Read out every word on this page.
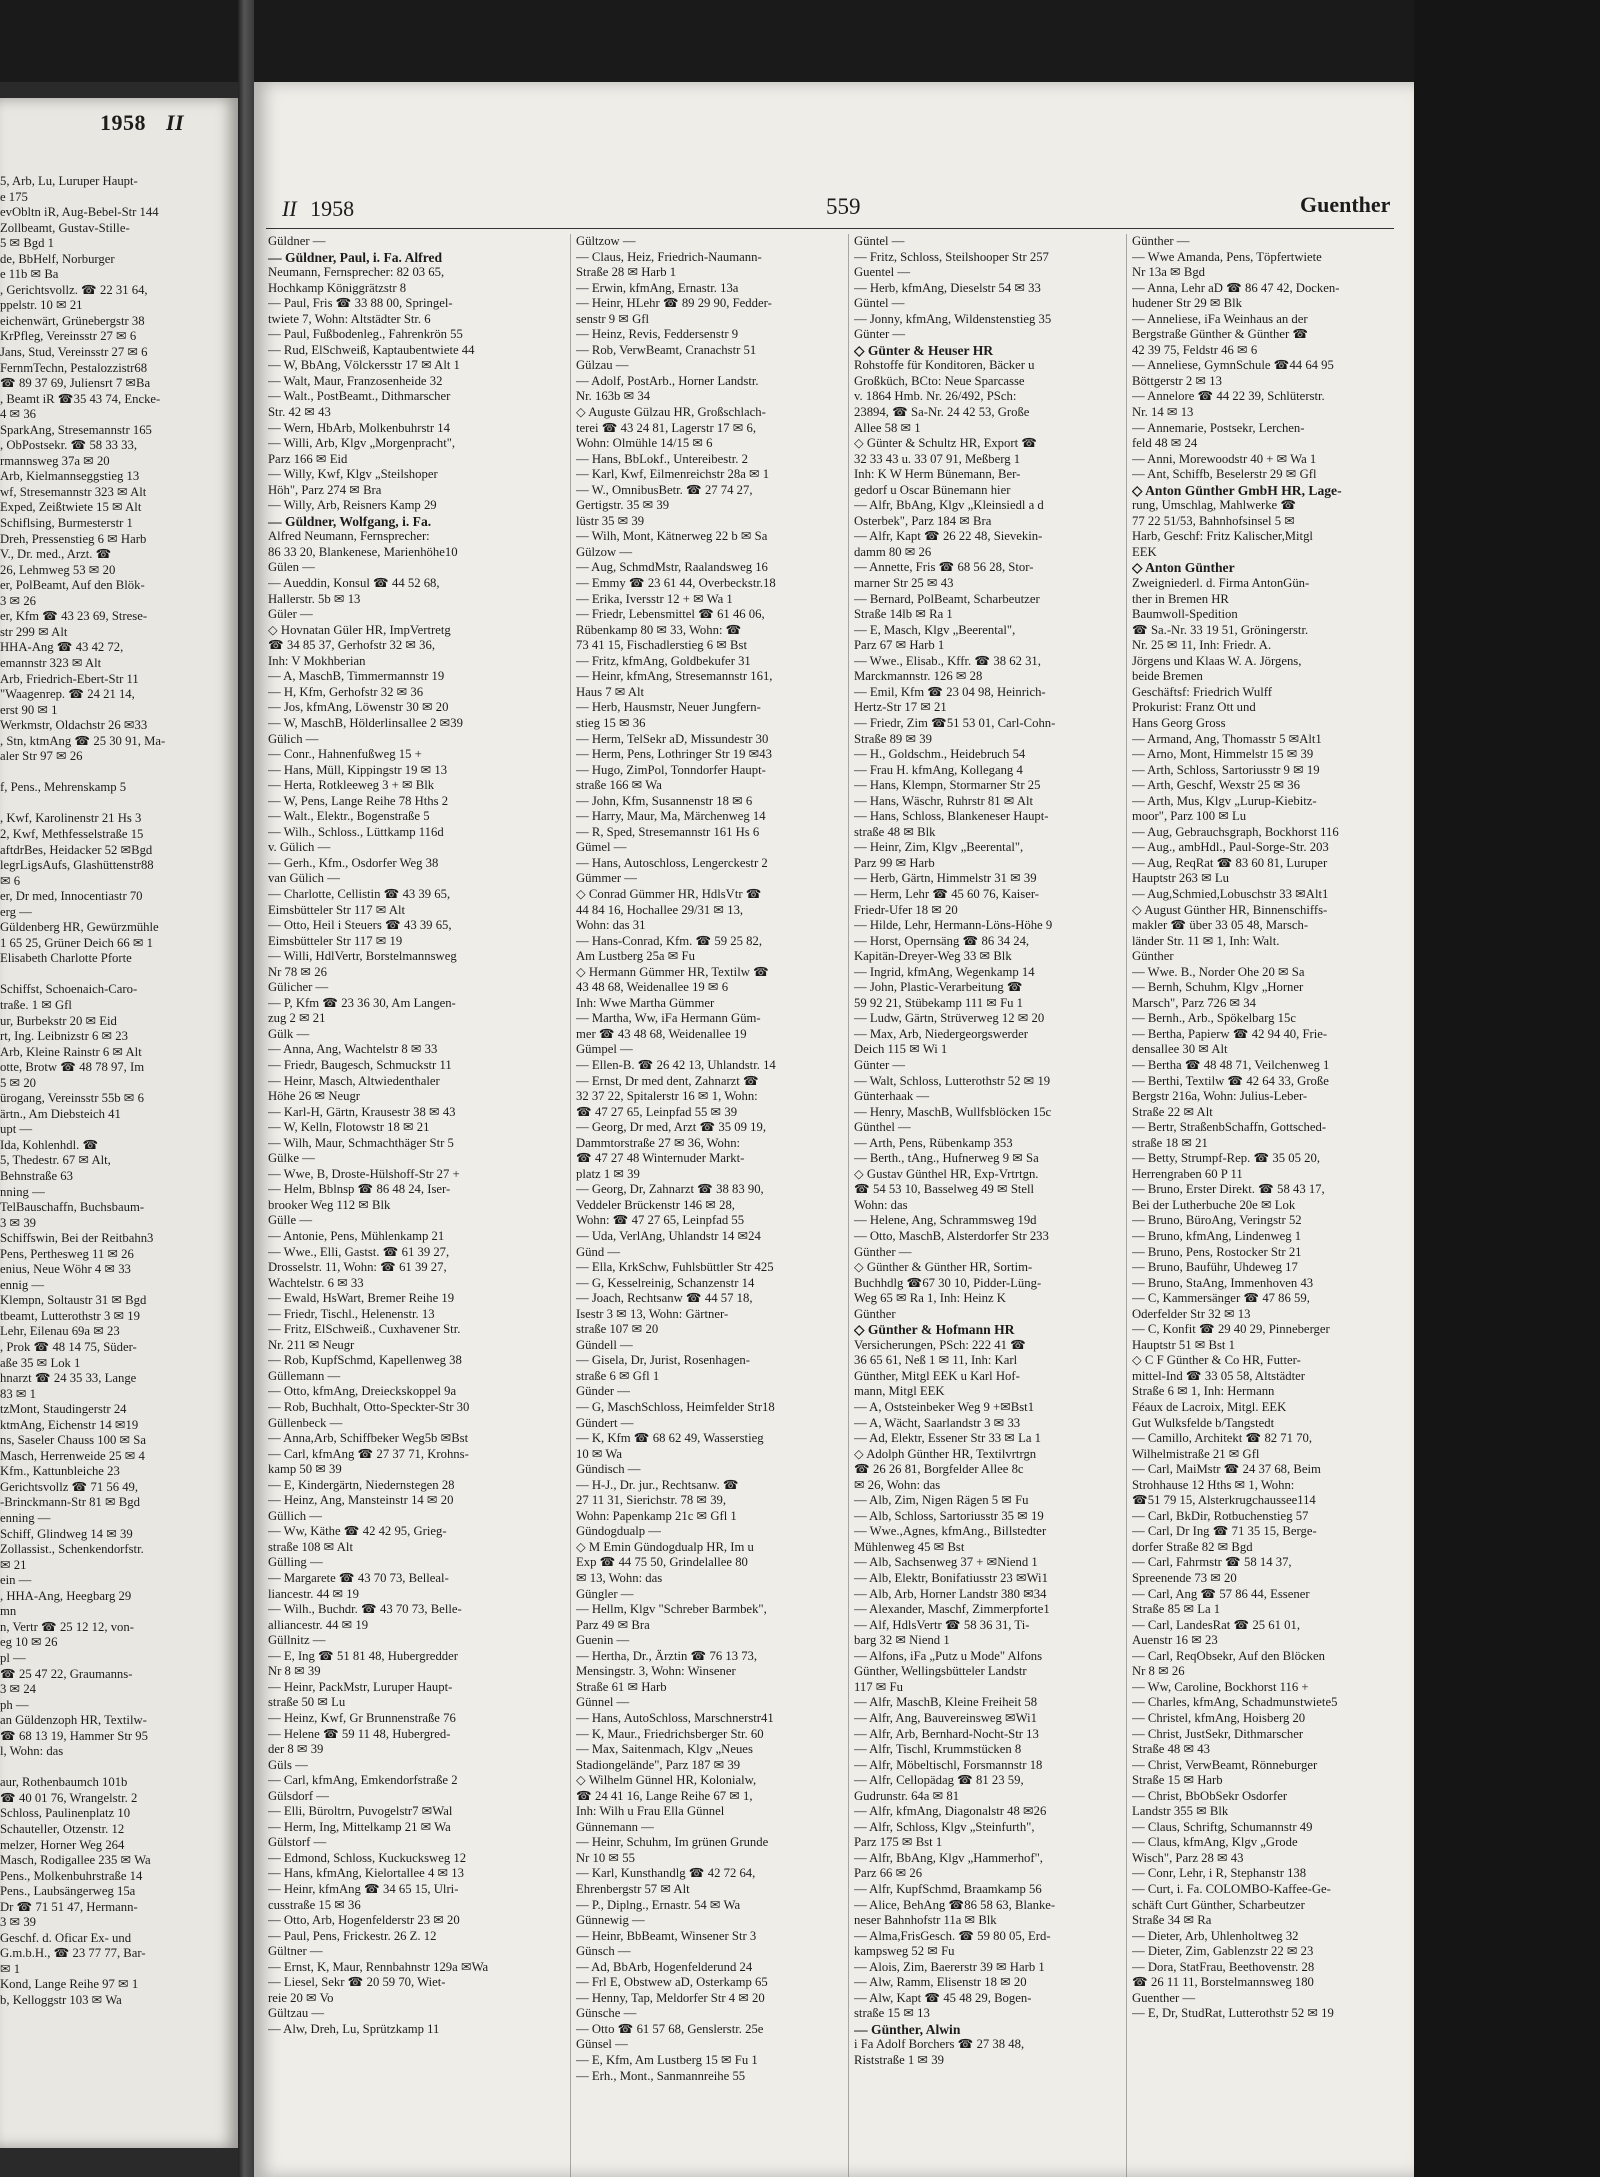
1958 II
5, Arb, Lu, Luruper Haupt-
e 175
evObltn iR, Aug-Bebel-Str 144
Zollbeamt, Gustav-Stille-
5 ✉ Bgd 1
de, BbHelf, Norburger
e 11b ✉ Ba
, Gerichtsvollz. ☎ 22 31 64,
ppelstr. 10 ✉ 21
eichenwärt, Grünebergstr 38
KrPfleg, Vereinsstr 27 ✉ 6
Jans, Stud, Vereinsstr 27 ✉ 6
FernmTechn, Pestalozzistr68
☎ 89 37 69, Juliensrt 7 ✉Ba
, Beamt iR ☎35 43 74, Encke-
4 ✉ 36
SparkAng, Stresemannstr 165
, ObPostsekr. ☎ 58 33 33,
rmannsweg 37a ✉ 20
Arb, Kielmannseggstieg 13
wf, Stresemannstr 323 ✉ Alt
Exped, Zeißtwiete 15 ✉ Alt
Schiflsing, Burmesterstr 1
Dreh, Pressenstieg 6 ✉ Harb
V., Dr. med., Arzt. ☎
26, Lehmweg 53 ✉ 20
er, PolBeamt, Auf den Blök-
3 ✉ 26
er, Kfm ☎ 43 23 69, Strese-
str 299 ✉ Alt
HHA-Ang ☎ 43 42 72,
emannstr 323 ✉ Alt
Arb, Friedrich-Ebert-Str 11
"Waagenrep. ☎ 24 21 14,
erst 90 ✉ 1
Werkmstr, Oldachstr 26 ✉33
, Stn, ktmAng ☎ 25 30 91, Ma-
aler Str 97 ✉ 26

f, Pens., Mehrenskamp 5

, Kwf, Karolinenstr 21 Hs 3
2, Kwf, Methfesselstraße 15
aftdrBes, Heidacker 52 ✉Bgd
legrLigsAufs, Glashüttenstr88
✉ 6
er, Dr med, Innocentiastr 70
erg —
Güldenberg HR, Gewürzmühle
1 65 25, Grüner Deich 66 ✉ 1
Elisabeth Charlotte Pforte

Schiffst, Schoenaich-Caro-
traße. 1 ✉ Gfl
ur, Burbekstr 20 ✉ Eid
rt, Ing. Leibnizstr 6 ✉ 23
Arb, Kleine Rainstr 6 ✉ Alt
otte, Brotw ☎ 48 78 97, Im
5 ✉ 20
ürogang, Vereinsstr 55b ✉ 6
ärtn., Am Diebsteich 41
upt —
Ida, Kohlenhdl. ☎
5, Thedestr. 67 ✉ Alt,
Behnstraße 63
nning —
TelBauschaffn, Buchsbaum-
3 ✉ 39
Schiffswin, Bei der Reitbahn3
Pens, Perthesweg 11 ✉ 26
enius, Neue Wöhr 4 ✉ 33
ennig —
Klempn, Soltaustr 31 ✉ Bgd
tbeamt, Lutterothstr 3 ✉ 19
Lehr, Eilenau 69a ✉ 23
, Prok ☎ 48 14 75, Süder-
aße 35 ✉ Lok 1
hnarzt ☎ 24 35 33, Lange
83 ✉ 1
tzMont, Staudingerstr 24
ktmAng, Eichenstr 14 ✉19
ns, Saseler Chauss 100 ✉ Sa
Masch, Herrenweide 25 ✉ 4
Kfm., Kattunbleiche 23
Gerichtsvollz ☎ 71 56 49,
-Brinckmann-Str 81 ✉ Bgd
enning —
Schiff, Glindweg 14 ✉ 39
Zollassist., Schenkendorfstr.
✉ 21
ein —
, HHA-Ang, Heegbarg 29
mn
n, Vertr ☎ 25 12 12, von-
eg 10 ✉ 26
pl —
☎ 25 47 22, Graumanns-
3 ✉ 24
ph —
an Güldenzoph HR, Textilw-
☎ 68 13 19, Hammer Str 95
l, Wohn: das

aur, Rothenbaumch 101b
☎ 40 01 76, Wrangelstr. 2
Schloss, Paulinenplatz 10
Schauteller, Otzenstr. 12
melzer, Horner Weg 264
Masch, Rodigallee 235 ✉ Wa
Pens., Molkenbuhrstraße 14
Pens., Laubsängerweg 15a
Dr ☎ 71 51 47, Hermann-
3 ✉ 39
Geschf. d. Oficar Ex- und
G.m.b.H., ☎ 23 77 77, Bar-
✉ 1
Kond, Lange Reihe 97 ✉ 1
b, Kelloggstr 103 ✉ Wa
II 1958	559	Guenther
Güldner —
— Güldner, Paul, i. Fa. Alfred
Neumann, Fernsprecher: 82 03 65,
Hochkamp Königgrätzstr 8
— Paul, Fris ☎ 33 88 00, Springel-
twiete 7, Wohn: Altstädter Str. 6
— Paul, Fußbodenleg., Fahrenkrön 55
— Rud, ElSchweiß, Kaptaubentwiete 44
— W, BbAng, Völckersstr 17 ✉ Alt 1
— Walt, Maur, Franzosenheide 32
— Walt., PostBeamt., Dithmarscher
Str. 42 ✉ 43
— Wern, HbArb, Molkenbuhrstr 14
— Willi, Arb, Klgv „Morgenpracht",
Parz 166 ✉ Eid
— Willy, Kwf, Klgv „Steilshoper
Höh", Parz 274 ✉ Bra
— Willy, Arb, Reisners Kamp 29
— Güldner, Wolfgang, i. Fa.
Alfred Neumann, Fernsprecher:
86 33 20, Blankenese, Marienhöhe10
Gülen —
— Aueddin, Konsul ☎ 44 52 68,
Hallerstr. 5b ✉ 13
Güler —
◇ Hovnatan Güler HR, ImpVertretg
☎ 34 85 37, Gerhofstr 32 ✉ 36,
Inh: V Mokhberian
— A, MaschB, Timmermannstr 19
— H, Kfm, Gerhofstr 32 ✉ 36
— Jos, kfmAng, Löwenstr 30 ✉ 20
— W, MaschB, Hölderlinsallee 2 ✉39
Gülich —
— Conr., Hahnenfußweg 15 +
— Hans, Müll, Kippingstr 19 ✉ 13
— Herta, Rotkleeweg 3 + ✉ Blk
— W, Pens, Lange Reihe 78 Hths 2
— Walt., Elektr., Bogenstraße 5
— Wilh., Schloss., Lüttkamp 116d
v. Gülich —
— Gerh., Kfm., Osdorfer Weg 38
van Gülich —
— Charlotte, Cellistin ☎ 43 39 65,
Eimsbütteler Str 117 ✉ Alt
— Otto, Heil i Steuers ☎ 43 39 65,
Eimsbütteler Str 117 ✉ 19
— Willi, HdlVertr, Borstelmannsweg
Nr 78 ✉ 26
Gülicher —
— P, Kfm ☎ 23 36 30, Am Langen-
zug 2 ✉ 21
Gülk —
— Anna, Ang, Wachtelstr 8 ✉ 33
— Friedr, Baugesch, Schmuckstr 11
— Heinr, Masch, Altwiedenthaler
Höhe 26 ✉ Neugr
— Karl-H, Gärtn, Krausestr 38 ✉ 43
— W, Kelln, Flotowstr 18 ✉ 21
— Wilh, Maur, Schmachthäger Str 5
Gülke —
— Wwe, B, Droste-Hülshoff-Str 27 +
— Helm, Bblnsp ☎ 86 48 24, Iser-
brooker Weg 112 ✉ Blk
Gülle —
— Antonie, Pens, Mühlenkamp 21
— Wwe., Elli, Gastst. ☎ 61 39 27,
Drosselstr. 11, Wohn: ☎ 61 39 27,
Wachtelstr. 6 ✉ 33
— Ewald, HsWart, Bremer Reihe 19
— Friedr, Tischl., Helenenstr. 13
— Fritz, ElSchweiß., Cuxhavener Str.
Nr. 211 ✉ Neugr
— Rob, KupfSchmd, Kapellenweg 38
Güllemann —
— Otto, kfmAng, Dreieckskoppel 9a
— Rob, Buchhalt, Otto-Speckter-Str 30
Güllenbeck —
— Anna,Arb, Schiffbeker Weg5b ✉Bst
— Carl, kfmAng ☎ 27 37 71, Krohns-
kamp 50 ✉ 39
— E, Kindergärtn, Niedernstegen 28
— Heinz, Ang, Mansteinstr 14 ✉ 20
Güllich —
— Ww, Käthe ☎ 42 42 95, Grieg-
straße 108 ✉ Alt
Gülling —
— Margarete ☎ 43 70 73, Belleal-
liancestr. 44 ✉ 19
— Wilh., Buchdr. ☎ 43 70 73, Belle-
alliancestr. 44 ✉ 19
Güllnitz —
— E, Ing ☎ 51 81 48, Hubergredder
Nr 8 ✉ 39
— Heinr, PackMstr, Luruper Haupt-
straße 50 ✉ Lu
— Heinz, Kwf, Gr Brunnenstraße 76
— Helene ☎ 59 11 48, Hubergred-
der 8 ✉ 39
Güls —
— Carl, kfmAng, Emkendorfstraße 2
Gülsdorf —
— Elli, Büroltrn, Puvogelstr7 ✉Wal
— Herm, Ing, Mittelkamp 21 ✉ Wa
Gülstorf —
— Edmond, Schloss, Kuckucksweg 12
— Hans, kfmAng, Kielortallee 4 ✉ 13
— Heinr, kfmAng ☎ 34 65 15, Ulri-
cusstraße 15 ✉ 36
— Otto, Arb, Hogenfelderstr 23 ✉ 20
— Paul, Pens, Frickestr. 26 Z. 12
Gültner —
— Ernst, K, Maur, Rennbahnstr 129a ✉Wa
— Liesel, Sekr ☎ 20 59 70, Wiet-
reie 20 ✉ Vo
Gültzau —
— Alw, Dreh, Lu, Sprützkamp 11
Gültzow —
— Claus, Heiz, Friedrich-Naumann-
Straße 28 ✉ Harb 1
— Erwin, kfmAng, Ernastr. 13a
— Heinr, HLehr ☎ 89 29 90, Fedder-
senstr 9 ✉ Gfl
— Heinz, Revis, Feddersenstr 9
— Rob, VerwBeamt, Cranachstr 51
Gülzau —
— Adolf, PostArb., Horner Landstr.
Nr. 163b ✉ 34
◇ Auguste Gülzau HR, Großschlach-
terei ☎ 43 24 81, Lagerstr 17 ✉ 6,
Wohn: Olmühle 14/15 ✉ 6
— Hans, BbLokf., Untereibestr. 2
— Karl, Kwf, Eilmenreichstr 28a ✉ 1
— W., OmnibusBetr. ☎ 27 74 27,
Gertigstr. 35 ✉ 39
lüstr 35 ✉ 39
— Wilh, Mont, Kätnerweg 22 b ✉ Sa
Gülzow —
— Aug, SchmdMstr, Raalandsweg 16
— Emmy ☎ 23 61 44, Overbeckstr.18
— Erika, Iversstr 12 + ✉ Wa 1
— Friedr, Lebensmittel ☎ 61 46 06,
Rübenkamp 80 ✉ 33, Wohn: ☎
73 41 15, Fischadlerstieg 6 ✉ Bst
— Fritz, kfmAng, Goldbekufer 31
— Heinr, kfmAng, Stresemannstr 161,
Haus 7 ✉ Alt
— Herb, Hausmstr, Neuer Jungfern-
stieg 15 ✉ 36
— Herm, TelSekr aD, Missundestr 30
— Herm, Pens, Lothringer Str 19 ✉43
— Hugo, ZimPol, Tonndorfer Haupt-
straße 166 ✉ Wa
— John, Kfm, Susannenstr 18 ✉ 6
— Harry, Maur, Ma, Märchenweg 14
— R, Sped, Stresemannstr 161 Hs 6
Gümel —
— Hans, Autoschloss, Lengerckestr 2
Gümmer —
◇ Conrad Gümmer HR, HdlsVtr ☎
44 84 16, Hochallee 29/31 ✉ 13,
Wohn: das 31
— Hans-Conrad, Kfm. ☎ 59 25 82,
Am Lustberg 25a ✉ Fu
◇ Hermann Gümmer HR, Textilw ☎
43 48 68, Weidenallee 19 ✉ 6
Inh: Wwe Martha Gümmer
— Martha, Ww, iFa Hermann Güm-
mer ☎ 43 48 68, Weidenallee 19
Gümpel —
— Ellen-B. ☎ 26 42 13, Uhlandstr. 14
— Ernst, Dr med dent, Zahnarzt ☎
32 37 22, Spitalerstr 16 ✉ 1, Wohn:
☎ 47 27 65, Leinpfad 55 ✉ 39
— Georg, Dr med, Arzt ☎ 35 09 19,
Dammtorstraße 27 ✉ 36, Wohn:
☎ 47 27 48 Winternuder Markt-
platz 1 ✉ 39
— Georg, Dr, Zahnarzt ☎ 38 83 90,
Veddeler Brückenstr 146 ✉ 28,
Wohn: ☎ 47 27 65, Leinpfad 55
— Uda, VerlAng, Uhlandstr 14 ✉24
Günd —
— Ella, KrkSchw, Fuhlsbüttler Str 425
— G, Kesselreinig, Schanzenstr 14
— Joach, Rechtsanw ☎ 44 57 18,
Isestr 3 ✉ 13, Wohn: Gärtner-
straße 107 ✉ 20
Gündell —
— Gisela, Dr, Jurist, Rosenhagen-
straße 6 ✉ Gfl 1
Günder —
— G, MaschSchloss, Heimfelder Str18
Gündert —
— K, Kfm ☎ 68 62 49, Wasserstieg
10 ✉ Wa
Gündisch —
— H-J., Dr. jur., Rechtsanw. ☎
27 11 31, Sierichstr. 78 ✉ 39,
Wohn: Papenkamp 21c ✉ Gfl 1
Gündogdualp —
◇ M Emin Gündogdualp HR, Im u
Exp ☎ 44 75 50, Grindelallee 80
✉ 13, Wohn: das
Güngler —
— Hellm, Klgv "Schreber Barmbek",
Parz 49 ✉ Bra
Guenin —
— Hertha, Dr., Ärztin ☎ 76 13 73,
Mensingstr. 3, Wohn: Winsener
Straße 61 ✉ Harb
Günnel —
— Hans, AutoSchloss, Marschnerstr41
— K, Maur., Friedrichsberger Str. 60
— Max, Saitenmach, Klgv „Neues
Stadiongelände", Parz 187 ✉ 39
◇ Wilhelm Günnel HR, Kolonialw,
☎ 24 41 16, Lange Reihe 67 ✉ 1,
Inh: Wilh u Frau Ella Günnel
Günnemann —
— Heinr, Schuhm, Im grünen Grunde
Nr 10 ✉ 55
— Karl, Kunsthandlg ☎ 42 72 64,
Ehrenbergstr 57 ✉ Alt
— P., Diplng., Ernastr. 54 ✉ Wa
Günnewig —
— Heinr, BbBeamt, Winsener Str 3
Günsch —
— Ad, BbArb, Hogenfelderund 24
— Frl E, Obstwew aD, Osterkamp 65
— Henny, Tap, Meldorfer Str 4 ✉ 20
Günsche —
— Otto ☎ 61 57 68, Genslerstr. 25e
Günsel —
— E, Kfm, Am Lustberg 15 ✉ Fu 1
— Erh., Mont., Sanmannreihe 55
Güntel —
— Fritz, Schloss, Steilshooper Str 257
Guentel —
— Herb, kfmAng, Dieselstr 54 ✉ 33
Güntel —
— Jonny, kfmAng, Wildenstenstieg 35
Günter —
◇ Günter & Heuser HR
Rohstoffe für Konditoren, Bäcker u
Großküch, BCto: Neue Sparcasse
v. 1864 Hmb. Nr. 26/492, PSch:
23894, ☎ Sa-Nr. 24 42 53, Große
Allee 58 ✉ 1
◇ Günter & Schultz HR, Export ☎
32 33 43 u. 33 07 91, Meßberg 1
Inh: K W Herm Bünemann, Ber-
gedorf u Oscar Bünemann hier
— Alfr, BbAng, Klgv „Kleinsiedl a d
Osterbek", Parz 184 ✉ Bra
— Alfr, Kapt ☎ 26 22 48, Sievekin-
damm 80 ✉ 26
— Annette, Fris ☎ 68 56 28, Stor-
marner Str 25 ✉ 43
— Bernard, PolBeamt, Scharbeutzer
Straße 14lb ✉ Ra 1
— E, Masch, Klgv „Beerental",
Parz 67 ✉ Harb 1
— Wwe., Elisab., Kffr. ☎ 38 62 31,
Marckmannstr. 126 ✉ 28
— Emil, Kfm ☎ 23 04 98, Heinrich-
Hertz-Str 17 ✉ 21
— Friedr, Zim ☎51 53 01, Carl-Cohn-
Straße 89 ✉ 39
— H., Goldschm., Heidebruch 54
— Frau H. kfmAng, Kollegang 4
— Hans, Klempn, Stormarner Str 25
— Hans, Wäschr, Ruhrstr 81 ✉ Alt
— Hans, Schloss, Blankeneser Haupt-
straße 48 ✉ Blk
— Heinr, Zim, Klgv „Beerental",
Parz 99 ✉ Harb
— Herb, Gärtn, Himmelstr 31 ✉ 39
— Herm, Lehr ☎ 45 60 76, Kaiser-
Friedr-Ufer 18 ✉ 20
— Hilde, Lehr, Hermann-Löns-Höhe 9
— Horst, Opernsäng ☎ 86 34 24,
Kapitän-Dreyer-Weg 33 ✉ Blk
— Ingrid, kfmAng, Wegenkamp 14
— John, Plastic-Verarbeitung ☎
59 92 21, Stübekamp 111 ✉ Fu 1
— Ludw, Gärtn, Strüverweg 12 ✉ 20
— Max, Arb, Niedergeorgswerder
Deich 115 ✉ Wi 1
Günter —
— Walt, Schloss, Lutterothstr 52 ✉ 19
Günterhaak —
— Henry, MaschB, Wullfsblöcken 15c
Günthel —
— Arth, Pens, Rübenkamp 353
— Berth., tAng., Hufnerweg 9 ✉ Sa
◇ Gustav Günthel HR, Exp-Vrtrtgn.
☎ 54 53 10, Basselweg 49 ✉ Stell
Wohn: das
— Helene, Ang, Schrammsweg 19d
— Otto, MaschB, Alsterdorfer Str 233
Günther —
◇ Günther & Günther HR, Sortim-
Buchhdlg ☎67 30 10, Pidder-Lüng-
Weg 65 ✉ Ra 1, Inh: Heinz K
Günther
◇ Günther & Hofmann HR
Versicherungen, PSch: 222 41 ☎
36 65 61, Neß 1 ✉ 11, Inh: Karl
Günther, Mitgl EEK u Karl Hof-
mann, Mitgl EEK
— A, Oststeinbeker Weg 9 +✉Bst1
— A, Wächt, Saarlandstr 3 ✉ 33
— Ad, Elektr, Essener Str 33 ✉ La 1
◇ Adolph Günther HR, Textilvrtrgn
☎ 26 26 81, Borgfelder Allee 8c
✉ 26, Wohn: das
— Alb, Zim, Nigen Rägen 5 ✉ Fu
— Alb, Schloss, Sartoriusstr 35 ✉ 19
— Wwe.,Agnes, kfmAng., Billstedter
Mühlenweg 45 ✉ Bst
— Alb, Sachsenweg 37 + ✉Niend 1
— Alb, Elektr, Bonifatiusstr 23 ✉Wi1
— Alb, Arb, Horner Landstr 380 ✉34
— Alexander, Maschf, Zimmerpforte1
— Alf, HdlsVertr ☎ 58 36 31, Ti-
barg 32 ✉ Niend 1
— Alfons, iFa „Putz u Mode" Alfons
Günther, Wellingsbütteler Landstr
117 ✉ Fu
— Alfr, MaschB, Kleine Freiheit 58
— Alfr, Ang, Bauvereinsweg ✉Wi1
— Alfr, Arb, Bernhard-Nocht-Str 13
— Alfr, Tischl, Krummstücken 8
— Alfr, Möbeltischl, Forsmannstr 18
— Alfr, Cellopädag ☎ 81 23 59,
Gudrunstr. 64a ✉ 81
— Alfr, kfmAng, Diagonalstr 48 ✉26
— Alfr, Schloss, Klgv „Steinfurth",
Parz 175 ✉ Bst 1
— Alfr, BbAng, Klgv „Hammerhof",
Parz 66 ✉ 26
— Alfr, KupfSchmd, Braamkamp 56
— Alice, BehAng ☎86 58 63, Blanke-
neser Bahnhofstr 11a ✉ Blk
— Alma,FrisGesch. ☎ 59 80 05, Erd-
kampsweg 52 ✉ Fu
— Alois, Zim, Baererstr 39 ✉ Harb 1
— Alw, Ramm, Elisenstr 18 ✉ 20
— Alw, Kapt ☎ 45 48 29, Bogen-
straße 15 ✉ 13
— Günther, Alwin
i Fa Adolf Borchers ☎ 27 38 48,
Riststraße 1 ✉ 39
Günther —
— Wwe Amanda, Pens, Töpfertwiete
Nr 13a ✉ Bgd
— Anna, Lehr aD ☎ 86 47 42, Docken-
hudener Str 29 ✉ Blk
— Anneliese, iFa Weinhaus an der
Bergstraße Günther & Günther ☎
42 39 75, Feldstr 46 ✉ 6
— Anneliese, GymnSchule ☎44 64 95
Böttgerstr 2 ✉ 13
— Annelore ☎ 44 22 39, Schlüterstr.
Nr. 14 ✉ 13
— Annemarie, Postsekr, Lerchen-
feld 48 ✉ 24
— Anni, Morewoodstr 40 + ✉ Wa 1
— Ant, Schiffb, Beselerstr 29 ✉ Gfl
◇ Anton Günther GmbH HR, Lage-
rung, Umschlag, Mahlwerke ☎
77 22 51/53, Bahnhofsinsel 5 ✉
Harb, Geschf: Fritz Kalischer,Mitgl
EEK
◇ Anton Günther
Zweigniederl. d. Firma AntonGün-
ther in Bremen HR
Baumwoll-Spedition
☎ Sa.-Nr. 33 19 51, Gröningerstr.
Nr. 25 ✉ 11, Inh: Friedr. A.
Jörgens und Klaas W. A. Jörgens,
beide Bremen
Geschäftsf: Friedrich Wulff
Prokurist: Franz Ott und
Hans Georg Gross
— Armand, Ang, Thomasstr 5 ✉Alt1
— Arno, Mont, Himmelstr 15 ✉ 39
— Arth, Schloss, Sartoriusstr 9 ✉ 19
— Arth, Geschf, Wexstr 25 ✉ 36
— Arth, Mus, Klgv „Lurup-Kiebitz-
moor", Parz 100 ✉ Lu
— Aug, Gebrauchsgraph, Bockhorst 116
— Aug., ambHdl., Paul-Sorge-Str. 203
— Aug, ReqRat ☎ 83 60 81, Luruper
Hauptstr 263 ✉ Lu
— Aug,Schmied,Lobuschstr 33 ✉Alt1
◇ August Günther HR, Binnenschiffs-
makler ☎ über 33 05 48, Marsch-
länder Str. 11 ✉ 1, Inh: Walt.
Günther
— Wwe. B., Norder Ohe 20 ✉ Sa
— Bernh, Schuhm, Klgv „Horner
Marsch", Parz 726 ✉ 34
— Bernh., Arb., Spökelbarg 15c
— Bertha, Papierw ☎ 42 94 40, Frie-
densallee 30 ✉ Alt
— Bertha ☎ 48 48 71, Veilchenweg 1
— Berthi, Textilw ☎ 42 64 33, Große
Bergstr 216a, Wohn: Julius-Leber-
Straße 22 ✉ Alt
— Bertr, StraßenbSchaffn, Gottsched-
straße 18 ✉ 21
— Betty, Strumpf-Rep. ☎ 35 05 20,
Herrengraben 60 P 11
— Bruno, Erster Direkt. ☎ 58 43 17,
Bei der Lutherbuche 20e ✉ Lok
— Bruno, BüroAng, Veringstr 52
— Bruno, kfmAng, Lindenweg 1
— Bruno, Pens, Rostocker Str 21
— Bruno, Bauführ, Uhdeweg 17
— Bruno, StaAng, Immenhoven 43
— C, Kammersänger ☎ 47 86 59,
Oderfelder Str 32 ✉ 13
— C, Konfit ☎ 29 40 29, Pinneberger
Hauptstr 51 ✉ Bst 1
◇ C F Günther & Co HR, Futter-
mittel-Ind ☎ 33 05 58, Altstädter
Straße 6 ✉ 1, Inh: Hermann
Féaux de Lacroix, Mitgl. EEK
Gut Wulksfelde b/Tangstedt
— Camillo, Architekt ☎ 82 71 70,
Wilhelmistraße 21 ✉ Gfl
— Carl, MaiMstr ☎ 24 37 68, Beim
Strohhause 12 Hths ✉ 1, Wohn:
☎51 79 15, Alsterkrugchaussee114
— Carl, BkDir, Rotbuchenstieg 57
— Carl, Dr Ing ☎ 71 35 15, Berge-
dorfer Straße 82 ✉ Bgd
— Carl, Fahrmstr ☎ 58 14 37,
Spreenende 73 ✉ 20
— Carl, Ang ☎ 57 86 44, Essener
Straße 85 ✉ La 1
— Carl, LandesRat ☎ 25 61 01,
Auenstr 16 ✉ 23
— Carl, ReqObsekr, Auf den Blöcken
Nr 8 ✉ 26
— Ww, Caroline, Bockhorst 116 +
— Charles, kfmAng, Schadmunstwiete5
— Christel, kfmAng, Hoisberg 20
— Christ, JustSekr, Dithmarscher
Straße 48 ✉ 43
— Christ, VerwBeamt, Rönneburger
Straße 15 ✉ Harb
— Christ, BbObSekr Osdorfer
Landstr 355 ✉ Blk
— Claus, Schriftg, Schumannstr 49
— Claus, kfmAng, Klgv „Grode
Wisch", Parz 28 ✉ 43
— Conr, Lehr, i R, Stephanstr 138
— Curt, i. Fa. COLOMBO-Kaffee-Ge-
schäft Curt Günther, Scharbeutzer
Straße 34 ✉ Ra
— Dieter, Arb, Uhlenholtweg 32
— Dieter, Zim, Gablenzstr 22 ✉ 23
— Dora, StatFrau, Beethovenstr. 28
☎ 26 11 11, Borstelmannsweg 180
Guenther —
— E, Dr, StudRat, Lutterothstr 52 ✉ 19
